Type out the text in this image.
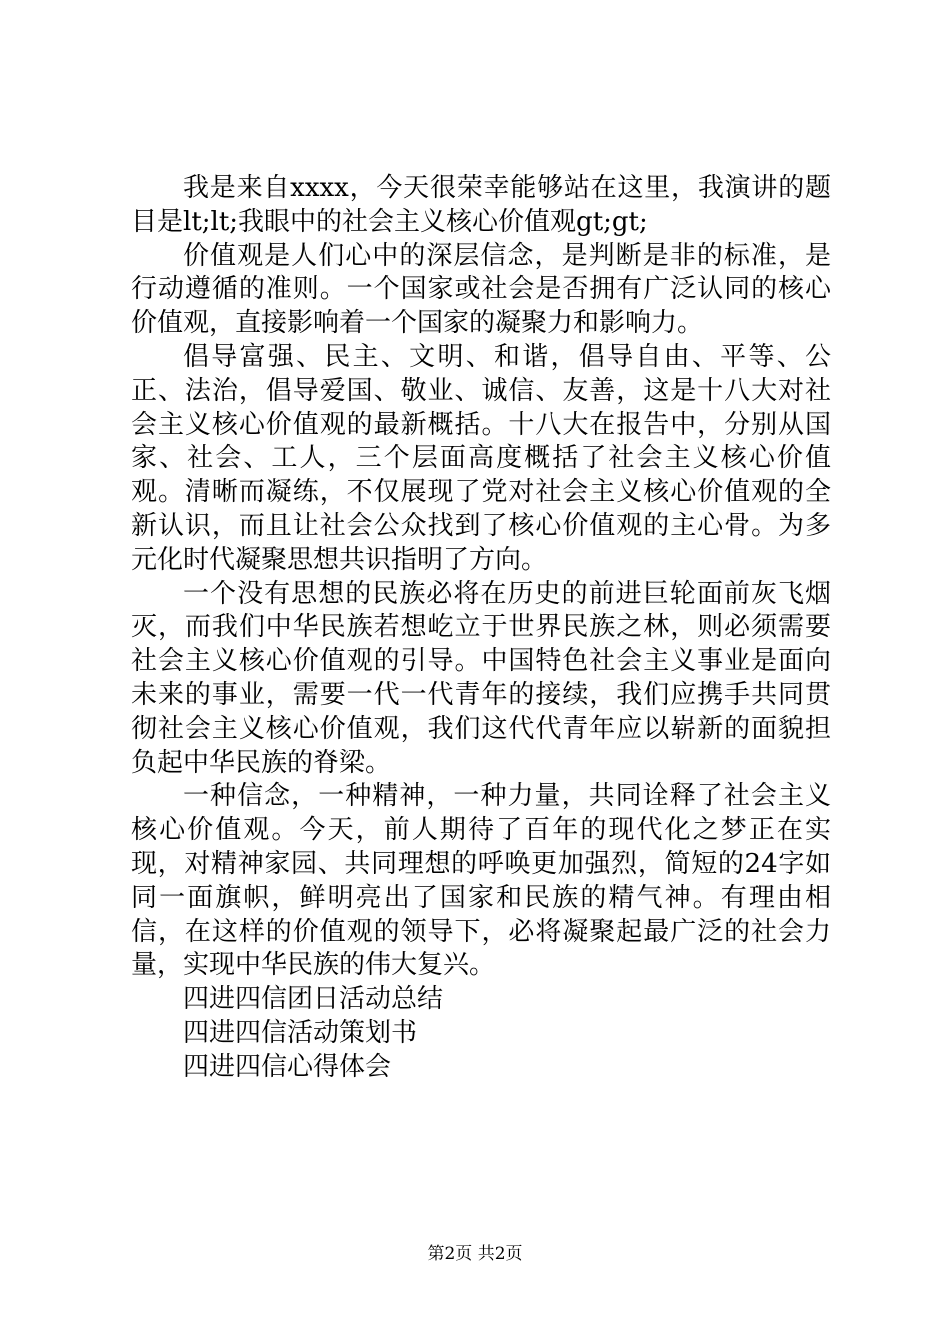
我是来自xxxx，今天很荣幸能够站在这里，我演讲的题目是lt;lt;我眼中的社会主义核心价值观gt;gt;

价值观是人们心中的深层信念，是判断是非的标准，是行动遵循的准则。一个国家或社会是否拥有广泛认同的核心价值观，直接影响着一个国家的凝聚力和影响力。

倡导富强、民主、文明、和谐，倡导自由、平等、公正、法治，倡导爱国、敬业、诚信、友善，这是十八大对社会主义核心价值观的最新概括。十八大在报告中，分别从国家、社会、工人，三个层面高度概括了社会主义核心价值观。清晰而凝练，不仅展现了党对社会主义核心价值观的全新认识，而且让社会公众找到了核心价值观的主心骨。为多元化时代凝聚思想共识指明了方向。

一个没有思想的民族必将在历史的前进巨轮面前灰飞烟灭，而我们中华民族若想屹立于世界民族之林，则必须需要社会主义核心价值观的引导。中国特色社会主义事业是面向未来的事业，需要一代一代青年的接续，我们应携手共同贯彻社会主义核心价值观，我们这代代青年应以崭新的面貌担负起中华民族的脊梁。

一种信念，一种精神，一种力量，共同诠释了社会主义核心价值观。今天，前人期待了百年的现代化之梦正在实现，对精神家园、共同理想的呼唤更加强烈，简短的24字如同一面旗帜，鲜明亮出了国家和民族的精气神。有理由相信，在这样的价值观的领导下，必将凝聚起最广泛的社会力量，实现中华民族的伟大复兴。

四进四信团日活动总结

四进四信活动策划书

四进四信心得体会

第2页 共2页
